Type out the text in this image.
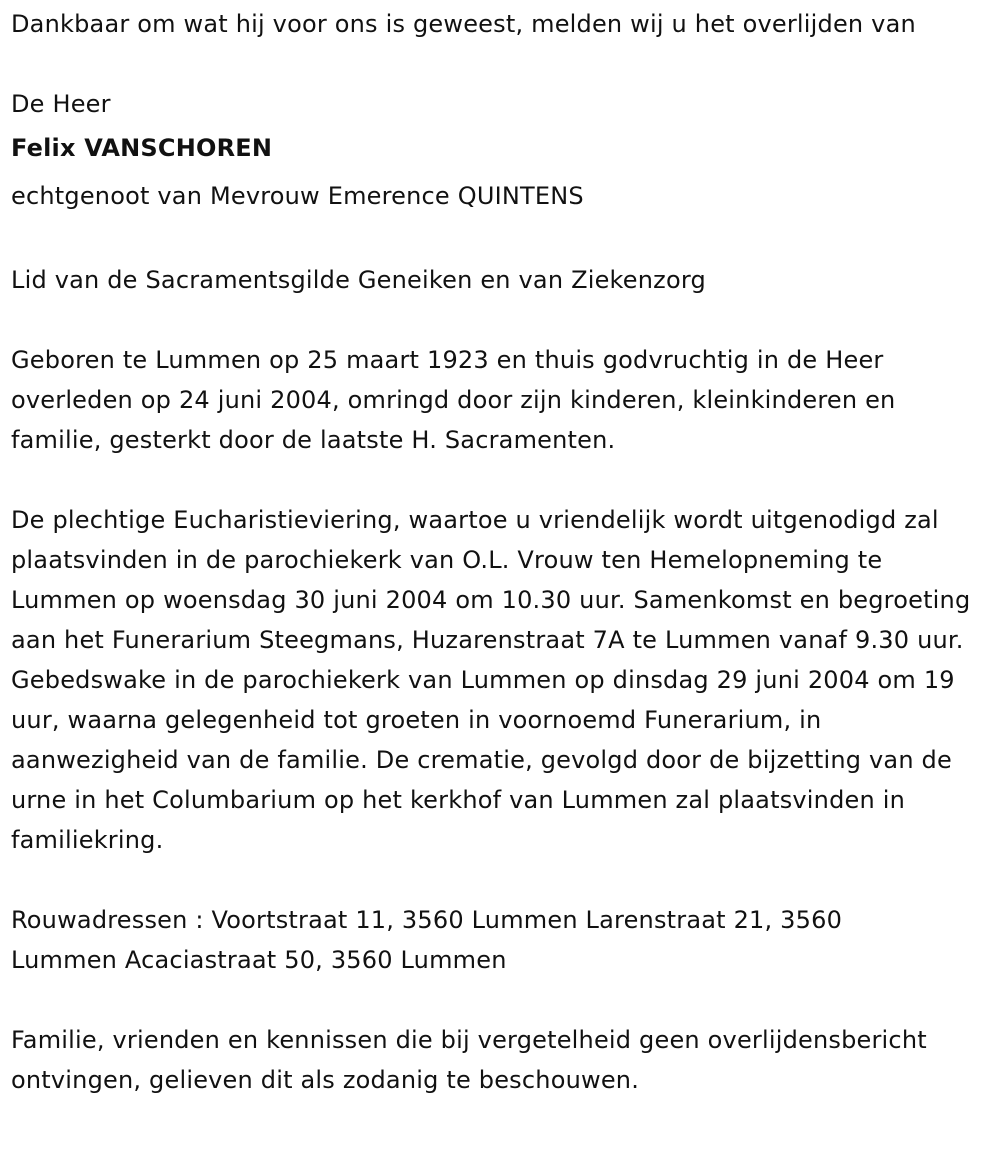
Dankbaar om wat hij voor ons is geweest, melden wij u het overlijden van

De Heer

Felix VANSCHOREN

echtgenoot van Mevrouw Emerence QUINTENS

Lid van de Sacramentsgilde Geneiken en van Ziekenzorg

Geboren te Lummen op 25 maart 1923 en thuis godvruchtig in de Heer overleden op 24 juni 2004, omringd door zijn kinderen, kleinkinderen en familie, gesterkt door de laatste H. Sacramenten.

De plechtige Eucharistieviering, waartoe u vriendelijk wordt uitgenodigd zal plaatsvinden in de parochiekerk van O.L. Vrouw ten Hemelopneming te Lummen op woensdag 30 juni 2004 om 10.30 uur. Samenkomst en begroeting aan het Funerarium Steegmans, Huzarenstraat 7A te Lummen vanaf 9.30 uur. Gebedswake in de parochiekerk van Lummen op dinsdag 29 juni 2004 om 19 uur, waarna gelegenheid tot groeten in voornoemd Funerarium, in aanwezigheid van de familie. De crematie, gevolgd door de bijzetting van de urne in het Columbarium op het kerkhof van Lummen zal plaatsvinden in familiekring.

Rouwadressen : Voortstraat 11, 3560 Lummen Larenstraat 21, 3560 Lummen Acaciastraat 50, 3560 Lummen

Familie, vrienden en kennissen die bij vergetelheid geen overlijdensbericht ontvingen, gelieven dit als zodanig te beschouwen.
